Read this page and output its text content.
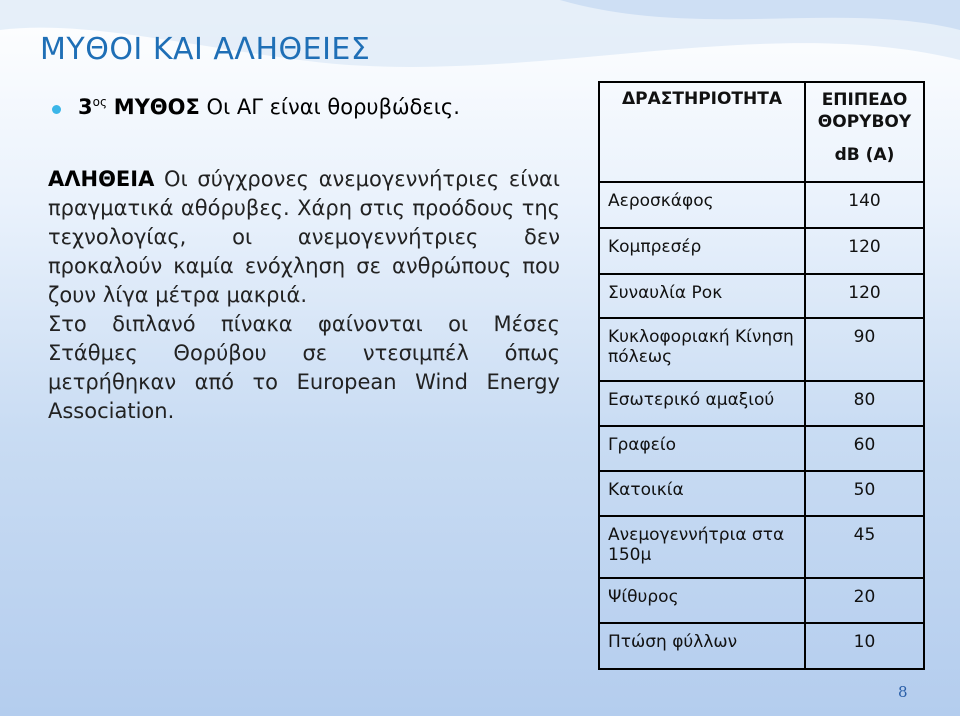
ΜΥΘΟΙ ΚΑΙ ΑΛΗΘΕΙΕΣ
$3^{o\varsigma}$ ΜΥΘΟΣ Οι ΑΓ είναι θορυβώδεις.

ΑΛΗΘΕΙΑ Οι σύγχρονες ανεμογεννήτριες είναι πραγματικά αθόρυβες. Χάρη στις προόδους της τεχνολογίας, οι ανεμογεννήτριες δεν προκαλούν καμία ενόχληση σε ανθρώπους που ζουν λίγα μέτρα μακριά.

Στο διπλανό πίνακα φαίνονται οι Μέσες Στάθμες Θορύβου σε ντεσιμπέλ όπως μετρήθηκαν από το European Wind Energy Association.

ΔΡΑΣΤΗΡΙΟΤΗΤΑ	ΕΠΙΠΕΔΟ ΘΟΡΥΒΟΥ
dB (A)

Αεροσκάφος	140
Κομπρεσέρ	120
Συναυλία Ροκ	120
Κυκλοφοριακή Κίνηση πόλεως	90
Εσωτερικό αμαξιού	80
Γραφείο	60
Κατοικία	50
Ανεμογεννήτρια στα 150μ	45
Ψίθυρος	20
Πτώση φύλλων	10
8
